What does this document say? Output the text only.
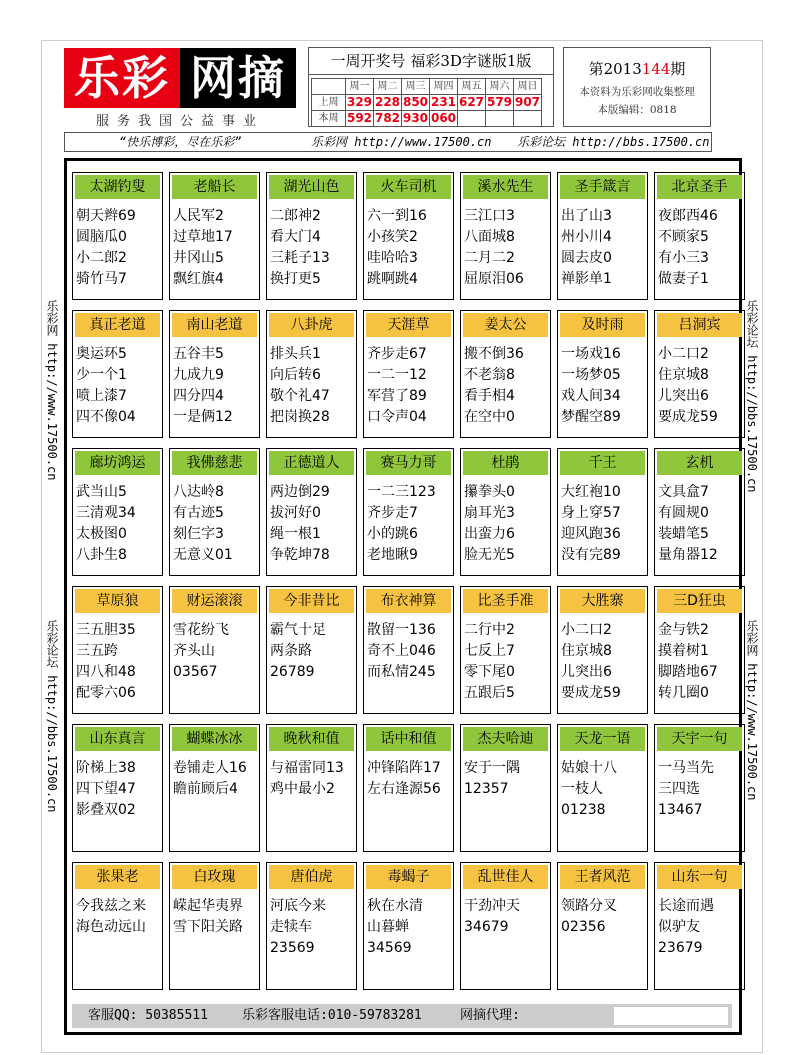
乐彩 网摘
服务我国公益事业
一周开奖号 福彩3D字谜版1版
	周一	周二	周三	周四	周五	周六	周日
上周	329	228	850	231	627	579	907
本周	592	782	930	060			
第2013144期
本资料为乐彩网收集整理
本版编辑：0818
“快乐博彩，尽在乐彩”	乐彩网 http://www.17500.cn 乐彩论坛 http://bbs.17500.cn
乐彩网 http://www.17500.cn
乐彩论坛 http://bbs.17500.cn
乐彩论坛 http://bbs.17500.cn
乐彩网 http://www.17500.cn
太湖钓叟
朝天辫69
圆脑瓜0
小二郎2
骑竹马7
老船长
人民军2
过草地17
井冈山5
飘红旗4
湖光山色
二郎神2
看大门4
三耗子13
换打更5
火车司机
六一到16
小孩笑2
哇哈哈3
跳啊跳4
溪水先生
三江口3
八面城8
二月二2
屈原泪06
圣手箴言
出了山3
州小川4
圆去皮0
禅影单1
北京圣手
夜郎西46
不顾家5
有小三3
做妻子1
真正老道
奥运环5
少一个1
喷上漆7
四不像04
南山老道
五谷丰5
九成九9
四分四4
一是俩12
八卦虎
排头兵1
向后转6
敬个礼47
把岗换28
天涯草
齐步走67
一二一12
军营了89
口令声04
姜太公
搬不倒36
不老翁8
看手相4
在空中0
及时雨
一场戏16
一场梦05
戏人间34
梦醒空89
吕洞宾
小二口2
住京城8
儿突出6
要成龙59
廊坊鸿运
武当山5
三清观34
太极图0
八卦生8
我佛慈悲
八达岭8
有古迹5
刻仨字3
无意义01
正德道人
两边倒29
拔河好0
绳一根1
争乾坤78
赛马力哥
一二三123
齐步走7
小的跳6
老地瞅9
杜鹃
攥拳头0
扇耳光3
出蛮力6
脸无光5
千王
大红袍10
身上穿57
迎风跑36
没有完89
玄机
文具盒7
有圆规0
装蜡笔5
量角器12
草原狼
三五胆35
三五跨
四八和48
配零六06
财运滚滚
雪花纷飞
齐头山
03567
今非昔比
霸气十足
两条路
26789
布衣神算
散留一136
奇不上046
而私情245
比圣手准
二行中2
七反上7
零下尾0
五跟后5
大胜寨
小二口2
住京城8
儿突出6
要成龙59
三D狂虫
金与铁2
摸着树1
脚踏地67
转几圈0
山东真言
阶梯上38
四下望47
影叠双02
蝴蝶冰冰
卷铺走人16
瞻前顾后4
晚秋和值
与福雷同13
鸡中最小2
话中和值
冲锋陷阵17
左右逢源56
杰夫哈迪
安于一隅
12357
天龙一语
姑娘十八
一枝人
01238
天宇一句
一马当先
三四选
13467
张果老
今我兹之来
海色动远山
白玫瑰
嵘起华夷界
雪下阳关路
唐伯虎
河底今来
走犊车
23569
毒蝎子
秋在水清
山暮蝉
34569
乱世佳人
干劲冲天
34679
王者风范
领路分叉
02356
山东一句
长途而遇
似驴友
23679
客服QQ: 50385511	乐彩客服电话:010-59783281	网摘代理:
